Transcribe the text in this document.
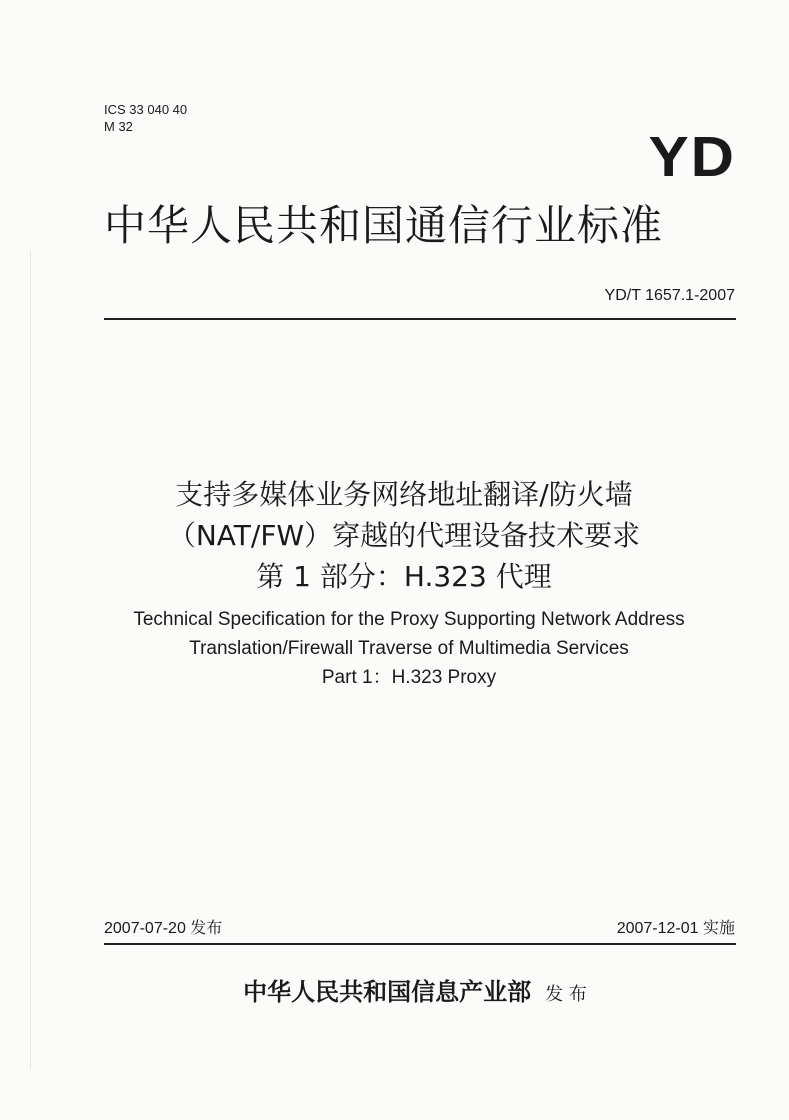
ICS 33 040 40
M 32	YD
中华人民共和国通信行业标准
YD/T 1657.1-2007
支持多媒体业务网络地址翻译/防火墙
（NAT/FW）穿越的代理设备技术要求
第 1 部分：H.323 代理
Technical Specification for the Proxy Supporting Network Address
Translation/Firewall Traverse of Multimedia Services
Part 1：H.323 Proxy
2007-07-20 发布	2007-12-01 实施
中华人民共和国信息产业部 发 布
